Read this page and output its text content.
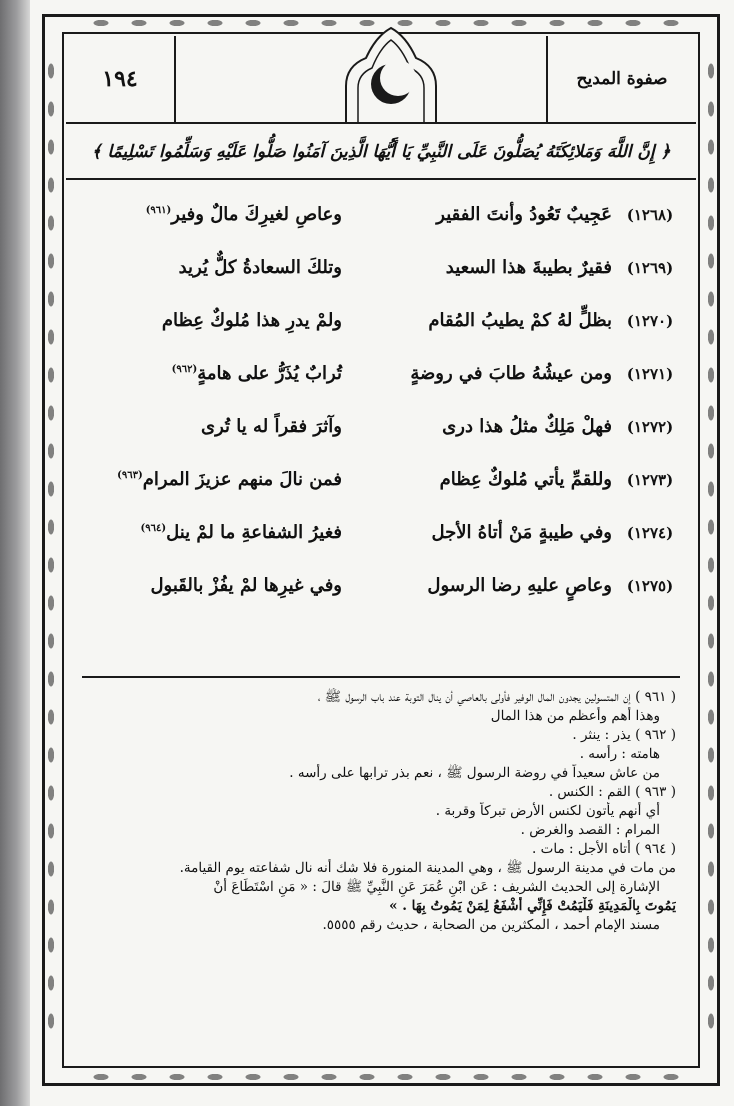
١٩٤	صفوة المديح
﴿ إِنَّ اللَّهَ وَمَلائِكَتَهُ يُصَلُّونَ عَلَى النَّبِيِّ يَا أَيُّهَا الَّذِينَ آمَنُوا صَلُّوا عَلَيْهِ وَسَلِّمُوا تَسْلِيمًا ﴾
(١٢٦٨)
عَجِيبٌ تَعُودُ وأنتَ الفقير
وعاصِ لغيرِكَ مالٌ وفير$^{(٩٦١)}$
(١٢٦٩)
فقيرٌ بطيبةَ هذا السعيد
وتلكَ السعادةُ كلٌّ يُريد
(١٢٧٠)
بظلٍّ لهُ كمْ يطيبُ المُقام
ولمْ يدرِ هذا مُلوكٌ عِظام
(١٢٧١)
ومن عيشُهُ طابَ في روضةٍ
تُرابٌ يُذَرُّ على هامةٍ$^{(٩٦٢)}$
(١٢٧٢)
فهلْ مَلِكٌ مثلُ هذا درى
وآثرَ فقراً له يا تُرى
(١٢٧٣)
وللقمِّ يأتي مُلوكٌ عِظام
فمن نالَ منهم عزيزَ المرام$^{(٩٦٣)}$
(١٢٧٤)
وفي طيبةٍ مَنْ أتاهُ الأجل
فغيرُ الشفاعةِ ما لمْ ينل$^{(٩٦٤)}$
(١٢٧٥)
وعاصٍ عليهِ رضا الرسول
وفي غيرِها لمْ يفُزْ بالقَبول

( ٩٦١ ) إن المتسولين يجدون المال الوفير فأولى بالعاصي أن ينال التوبة عند باب الرسول ﷺ ،

وهذا أهم وأعظم من هذا المال

( ٩٦٢ ) يذر : ينثر .

هامته : رأسه .

من عاش سعيداً في روضة الرسول ﷺ ، نعم بذر ترابها على رأسه .

( ٩٦٣ ) القم : الكنس .

أي أنهم يأتون لكنس الأرض تبركاً وقربة .

المرام : القصد والغرض .

( ٩٦٤ ) أتاه الأجل : مات .

من مات في مدينة الرسول ﷺ ، وهي المدينة المنورة فلا شك أنه نال شفاعته يوم القيامة.

الإشارة إلى الحديث الشريف : عَن ابْنِ عُمَرَ عَنِ النَّبِيِّ ﷺ قالَ : « مَنِ اسْتَطَاعَ أنْ

يَمُوتَ بِالْمَدِينَةِ فَلْيَمُتْ فَإِنِّي أشْفَعُ لِمَنْ يَمُوتُ بِهَا . »

مسند الإمام أحمد ، المكثرين من الصحابة ، حديث رقم ٥٥٥٥.
